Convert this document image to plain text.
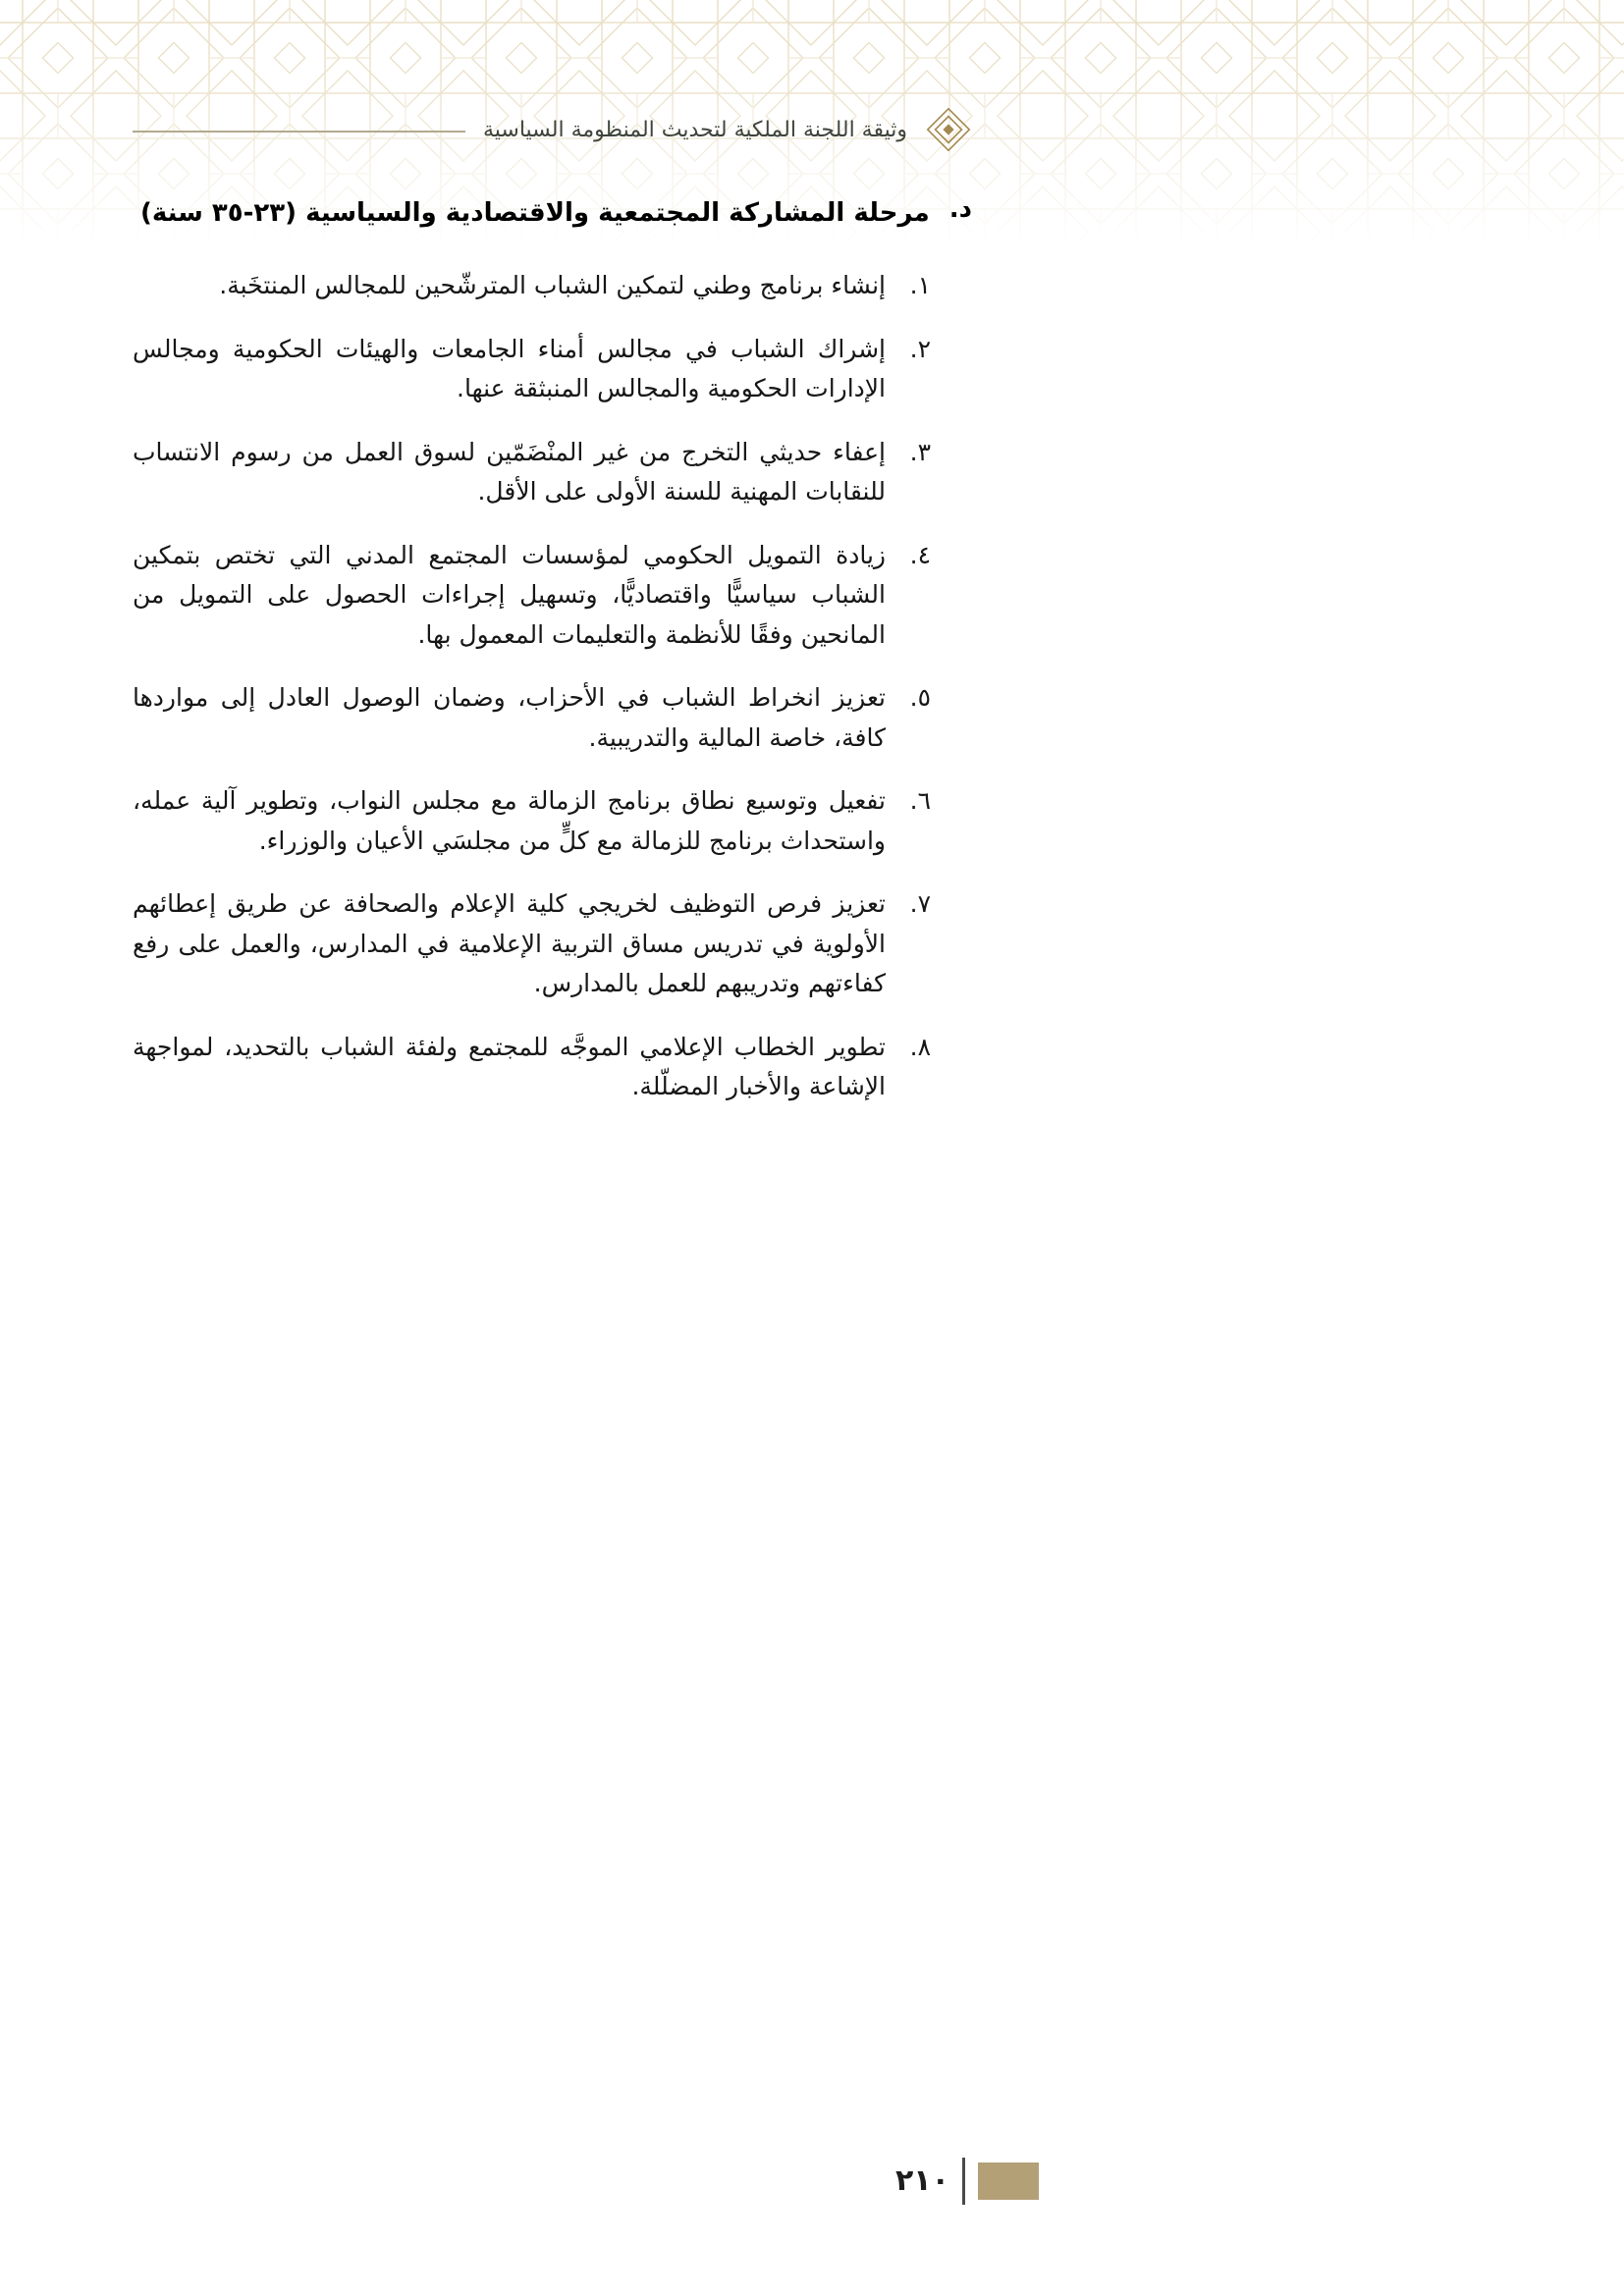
وثيقة اللجنة الملكية لتحديث المنظومة السياسية
د.
مرحلة المشاركة المجتمعية والاقتصادية والسياسية (٢٣-٣٥ سنة)
١.

إنشاء برنامج وطني لتمكين الشباب المترشّحين للمجالس المنتخَبة.

٢.

إشراك الشباب في مجالس أمناء الجامعات والهيئات الحكومية ومجالس الإدارات الحكومية والمجالس المنبثقة عنها.

٣.

إعفاء حديثي التخرج من غير المنْضَمّين لسوق العمل من رسوم الانتساب للنقابات المهنية للسنة الأولى على الأقل.

٤.

زيادة التمويل الحكومي لمؤسسات المجتمع المدني التي تختص بتمكين الشباب سياسيًّا واقتصاديًّا، وتسهيل إجراءات الحصول على التمويل من المانحين وفقًا للأنظمة والتعليمات المعمول بها.

٥.

تعزيز انخراط الشباب في الأحزاب، وضمان الوصول العادل إلى مواردها كافة، خاصة المالية والتدريبية.

٦.

تفعيل وتوسيع نطاق برنامج الزمالة مع مجلس النواب، وتطوير آلية عمله، واستحداث برنامج للزمالة مع كلٍّ من مجلسَي الأعيان والوزراء.

٧.

تعزيز فرص التوظيف لخريجي كلية الإعلام والصحافة عن طريق إعطائهم الأولوية في تدريس مساق التربية الإعلامية في المدارس، والعمل على رفع كفاءتهم وتدريبهم للعمل بالمدارس.

٨.

تطوير الخطاب الإعلامي الموجَّه للمجتمع ولفئة الشباب بالتحديد، لمواجهة الإشاعة والأخبار المضلّلة.

٢١٠
